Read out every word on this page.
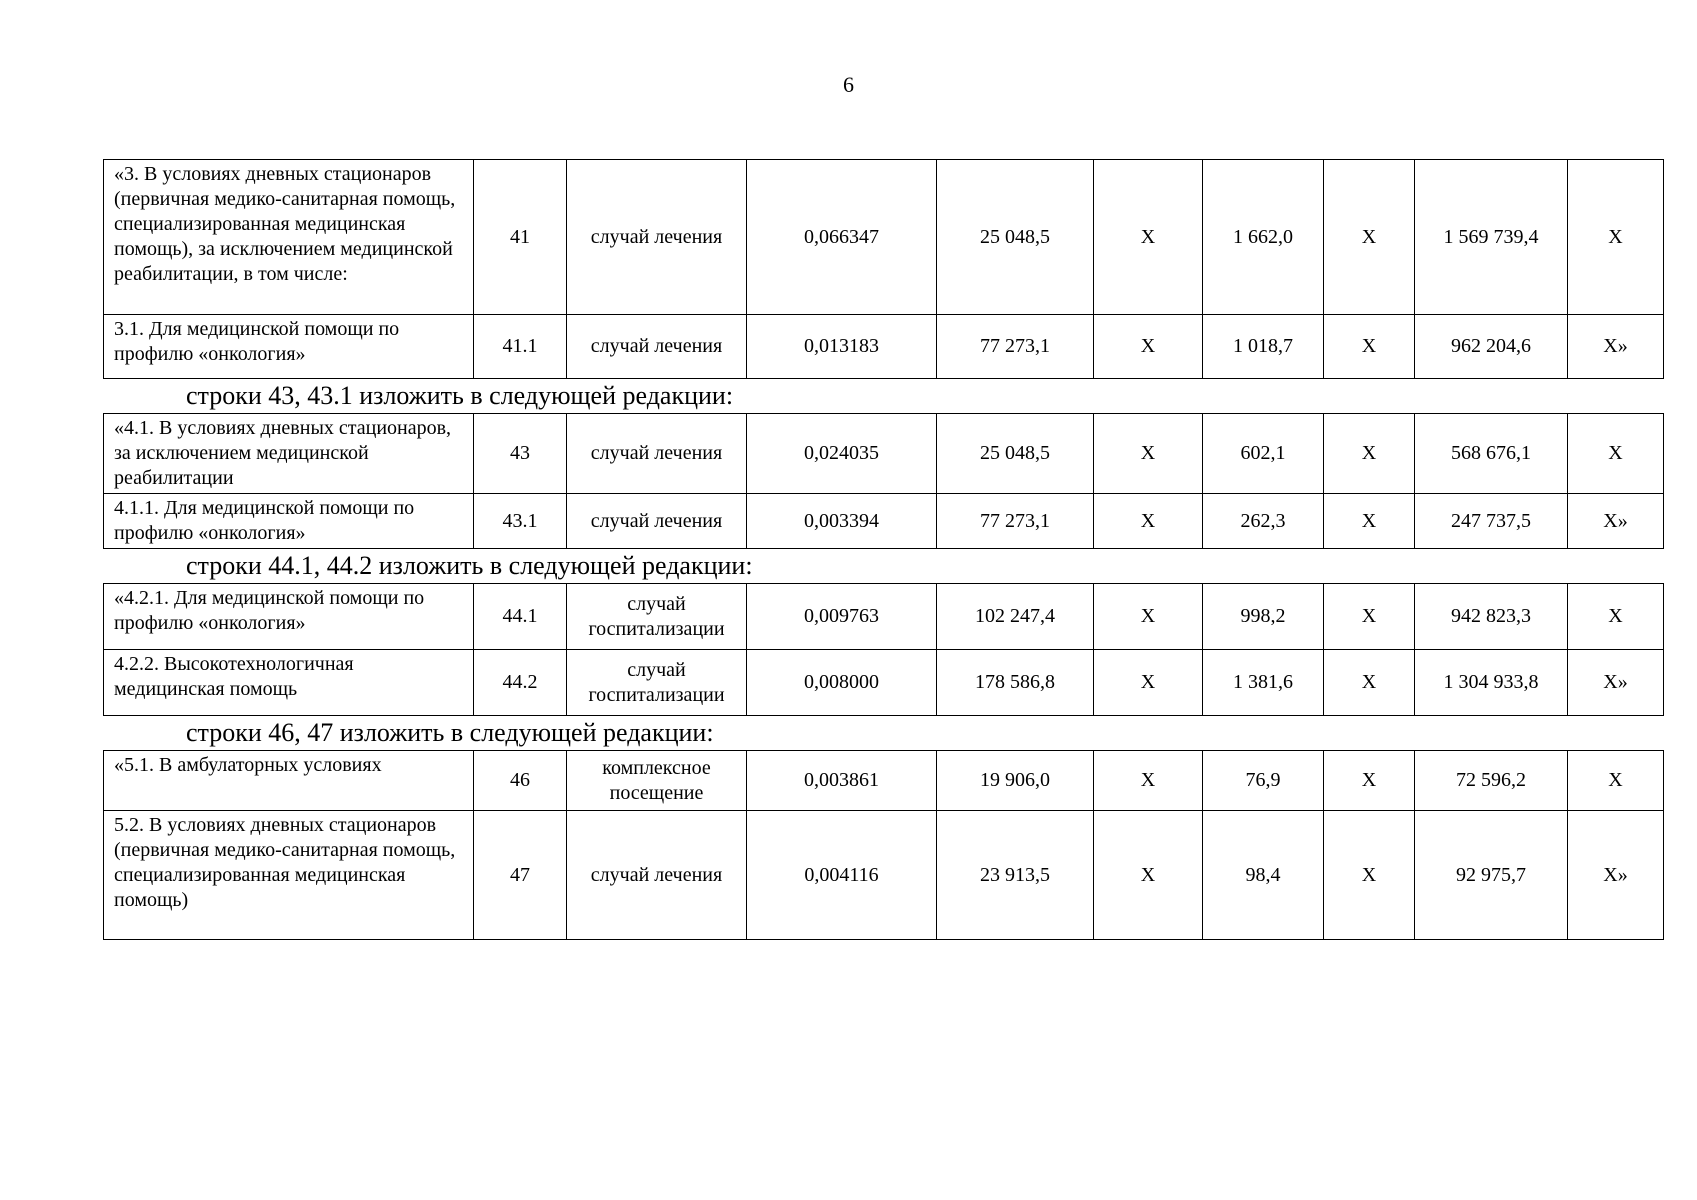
6
«3. В условиях дневных стационаров (первичная медико-санитарная помощь, специализированная медицинская помощь), за исключением медицинской реабилитации, в том числе:	41	случай лечения	0,066347	25 048,5	X	1 662,0	X	1 569 739,4	X
3.1. Для медицинской помощи по профилю «онкология»	41.1	случай лечения	0,013183	77 273,1	X	1 018,7	X	962 204,6	X»
строки 43, 43.1 изложить в следующей редакции:
«4.1. В условиях дневных стационаров, за исключением медицинской реабилитации	43	случай лечения	0,024035	25 048,5	X	602,1	X	568 676,1	X
4.1.1. Для медицинской помощи по профилю «онкология»	43.1	случай лечения	0,003394	77 273,1	X	262,3	X	247 737,5	X»
строки 44.1, 44.2 изложить в следующей редакции:
«4.2.1. Для медицинской помощи по профилю «онкология»	44.1	случай госпитализации	0,009763	102 247,4	X	998,2	X	942 823,3	X
4.2.2. Высокотехнологичная медицинская помощь	44.2	случай госпитализации	0,008000	178 586,8	X	1 381,6	X	1 304 933,8	X»
строки 46, 47 изложить в следующей редакции:
«5.1. В амбулаторных условиях	46	комплексное посещение	0,003861	19 906,0	X	76,9	X	72 596,2	X
5.2. В условиях дневных стационаров (первичная медико-санитарная помощь, специализированная медицинская помощь)	47	случай лечения	0,004116	23 913,5	X	98,4	X	92 975,7	X»
